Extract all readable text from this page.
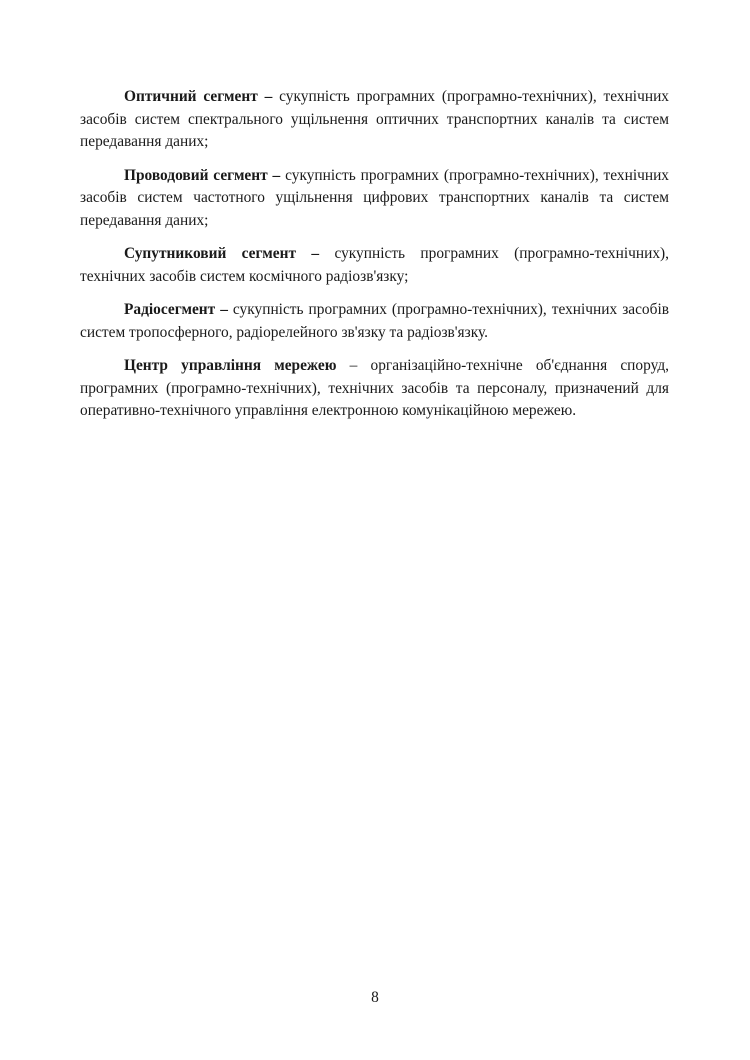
Оптичний сегмент – сукупність програмних (програмно-технічних), технічних засобів систем спектрального ущільнення оптичних транспортних каналів та систем передавання даних;

Проводовий сегмент – сукупність програмних (програмно-технічних), технічних засобів систем частотного ущільнення цифрових транспортних каналів та систем передавання даних;

Супутниковий сегмент – сукупність програмних (програмно-технічних), технічних засобів систем космічного радіозв'язку;

Радіосегмент – сукупність програмних (програмно-технічних), технічних засобів систем тропосферного, радіорелейного зв'язку та радіозв'язку.

Центр управління мережею – організаційно-технічне об'єднання споруд, програмних (програмно-технічних), технічних засобів та персоналу, призначений для оперативно-технічного управління електронною комунікаційною мережею.

8
